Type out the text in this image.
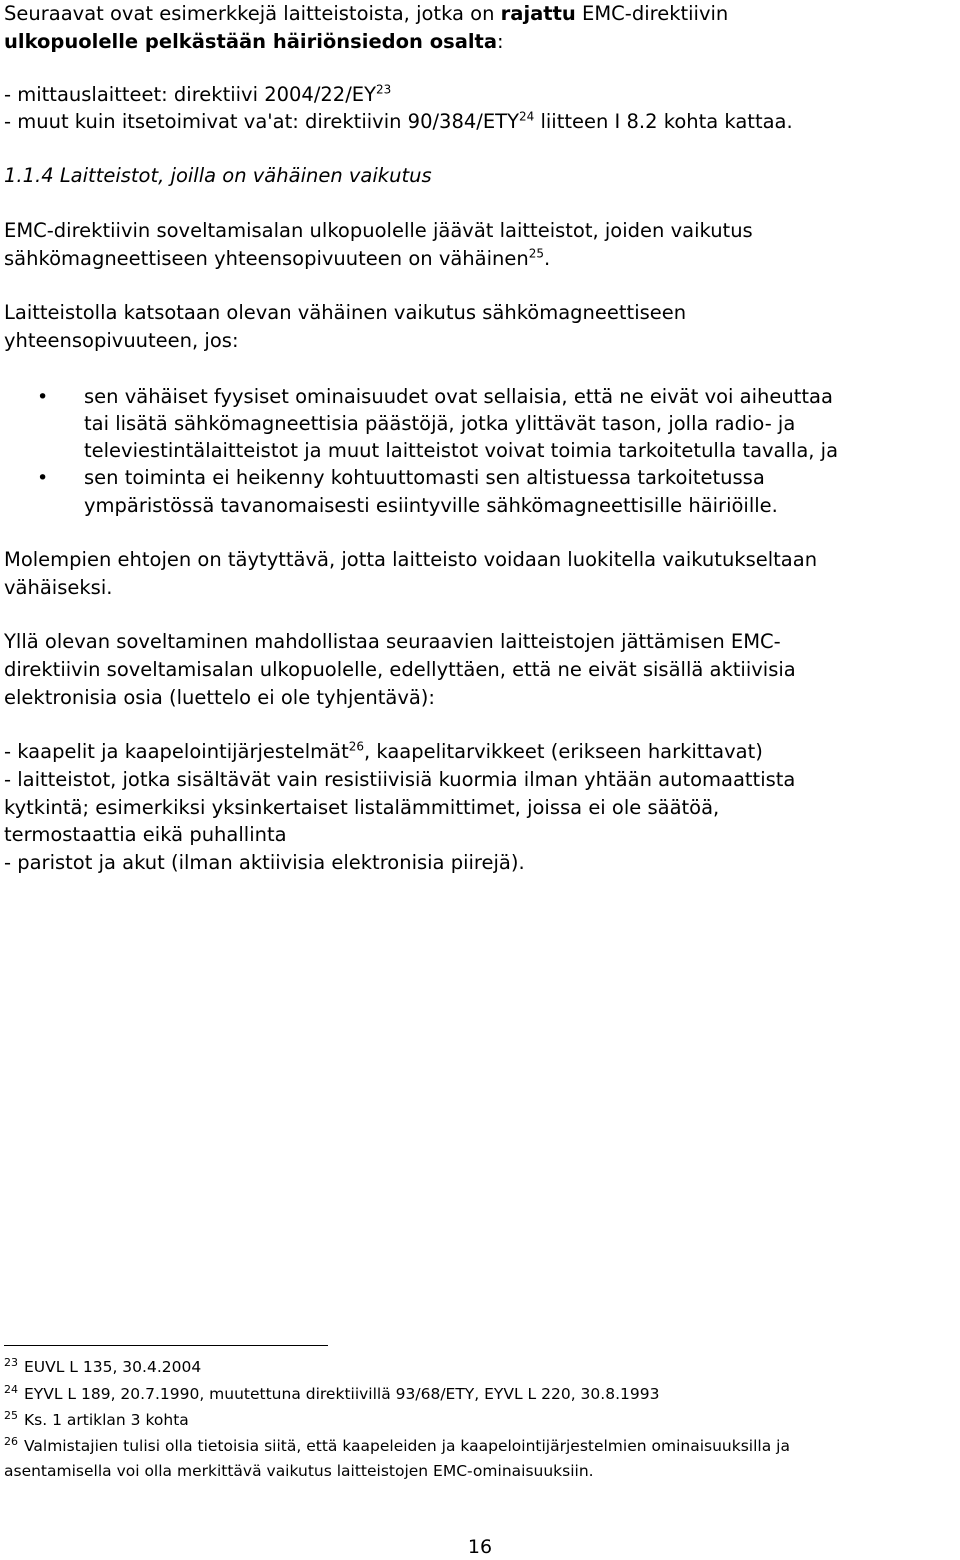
Seuraavat ovat esimerkkejä laitteistoista, jotka on rajattu EMC-direktiivin
ulkopuolelle pelkästään häiriönsiedon osalta:
- mittauslaitteet: direktiivi 2004/22/EY$^{23}$
- muut kuin itsetoimivat va'at: direktiivin 90/384/ETY$^{24}$ liitteen I 8.2 kohta kattaa.
1.1.4 Laitteistot, joilla on vähäinen vaikutus
EMC-direktiivin soveltamisalan ulkopuolelle jäävät laitteistot, joiden vaikutus
sähkömagneettiseen yhteensopivuuteen on vähäinen$^{25}$.
Laitteistolla katsotaan olevan vähäinen vaikutus sähkömagneettiseen
yhteensopivuuteen, jos:
• sen vähäiset fyysiset ominaisuudet ovat sellaisia, että ne eivät voi aiheuttaa
tai lisätä sähkömagneettisia päästöjä, jotka ylittävät tason, jolla radio- ja
televiestintälaitteistot ja muut laitteistot voivat toimia tarkoitetulla tavalla, ja
• sen toiminta ei heikenny kohtuuttomasti sen altistuessa tarkoitetussa
ympäristössä tavanomaisesti esiintyville sähkömagneettisille häiriöille.
Molempien ehtojen on täytyttävä, jotta laitteisto voidaan luokitella vaikutukseltaan
vähäiseksi.
Yllä olevan soveltaminen mahdollistaa seuraavien laitteistojen jättämisen EMC-
direktiivin soveltamisalan ulkopuolelle, edellyttäen, että ne eivät sisällä aktiivisia
elektronisia osia (luettelo ei ole tyhjentävä):
- kaapelit ja kaapelointijärjestelmät$^{26}$, kaapelitarvikkeet (erikseen harkittavat)
- laitteistot, jotka sisältävät vain resistiivisiä kuormia ilman yhtään automaattista
kytkintä; esimerkiksi yksinkertaiset listalämmittimet, joissa ei ole säätöä,
termostaattia eikä puhallinta
- paristot ja akut (ilman aktiivisia elektronisia piirejä).
$^{23}$ EUVL L 135, 30.4.2004
$^{24}$ EYVL L 189, 20.7.1990, muutettuna direktiivillä 93/68/ETY, EYVL L 220, 30.8.1993
$^{25}$ Ks. 1 artiklan 3 kohta
$^{26}$ Valmistajien tulisi olla tietoisia siitä, että kaapeleiden ja kaapelointijärjestelmien ominaisuuksilla ja
asentamisella voi olla merkittävä vaikutus laitteistojen EMC-ominaisuuksiin.
16
